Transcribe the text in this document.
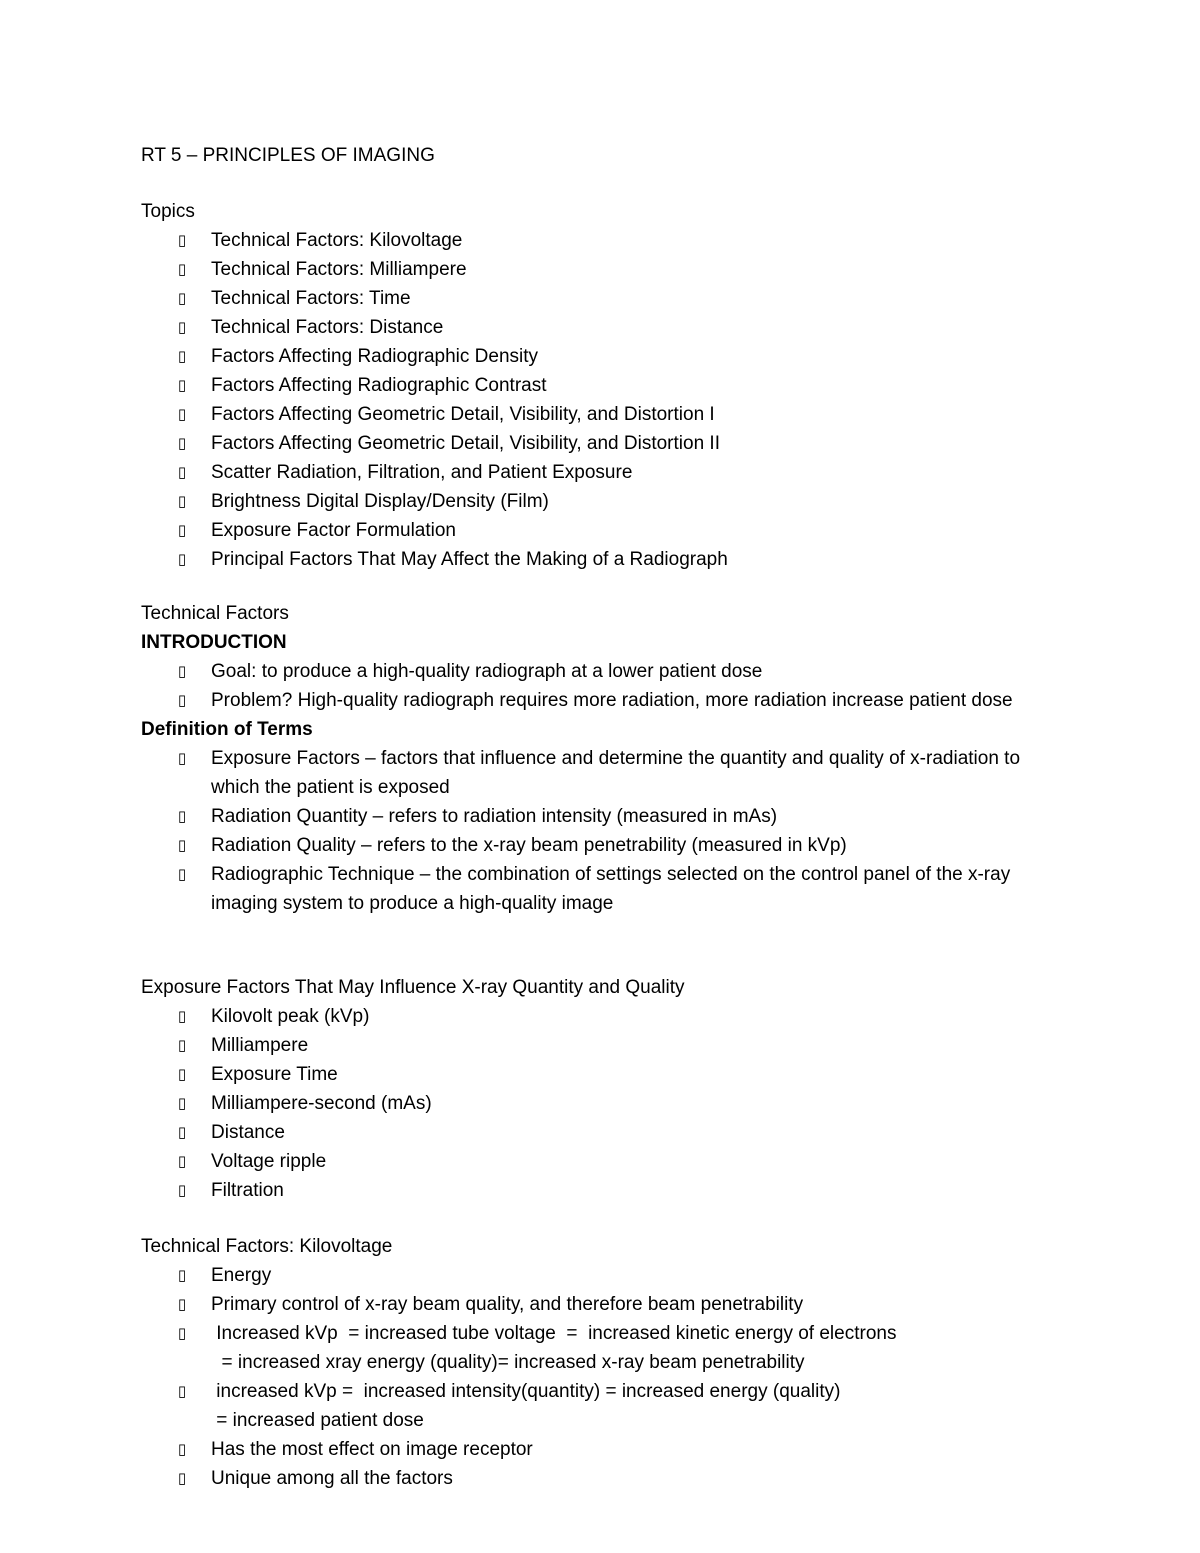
RT 5 – PRINCIPLES OF IMAGING
Topics
▯ Technical Factors: Kilovoltage
▯ Technical Factors: Milliampere
▯ Technical Factors: Time
▯ Technical Factors: Distance
▯ Factors Affecting Radiographic Density
▯ Factors Affecting Radiographic Contrast
▯ Factors Affecting Geometric Detail, Visibility, and Distortion I
▯ Factors Affecting Geometric Detail, Visibility, and Distortion II
▯ Scatter Radiation, Filtration, and Patient Exposure
▯ Brightness Digital Display/Density (Film)
▯ Exposure Factor Formulation
▯ Principal Factors That May Affect the Making of a Radiograph
Technical Factors
INTRODUCTION
▯ Goal: to produce a high-quality radiograph at a lower patient dose
▯ Problem? High-quality radiograph requires more radiation, more radiation increase patient dose
Definition of Terms
▯ Exposure Factors – factors that influence and determine the quantity and quality of x-radiation to which the patient is exposed
▯ Radiation Quantity – refers to radiation intensity (measured in mAs)
▯ Radiation Quality – refers to the x-ray beam penetrability (measured in kVp)
▯ Radiographic Technique – the combination of settings selected on the control panel of the x-ray imaging system to produce a high-quality image
Exposure Factors That May Influence X-ray Quantity and Quality
▯ Kilovolt peak (kVp)
▯ Milliampere
▯ Exposure Time
▯ Milliampere-second (mAs)
▯ Distance
▯ Voltage ripple
▯ Filtration
Technical Factors: Kilovoltage
▯ Energy
▯ Primary control of x-ray beam quality, and therefore beam penetrability
▯ Increased kVp  = increased tube voltage  =  increased kinetic energy of electrons
= increased xray energy (quality)= increased x-ray beam penetrability
▯ increased kVp =  increased intensity(quantity) = increased energy (quality)
= increased patient dose
▯ Has the most effect on image receptor
▯ Unique among all the factors
